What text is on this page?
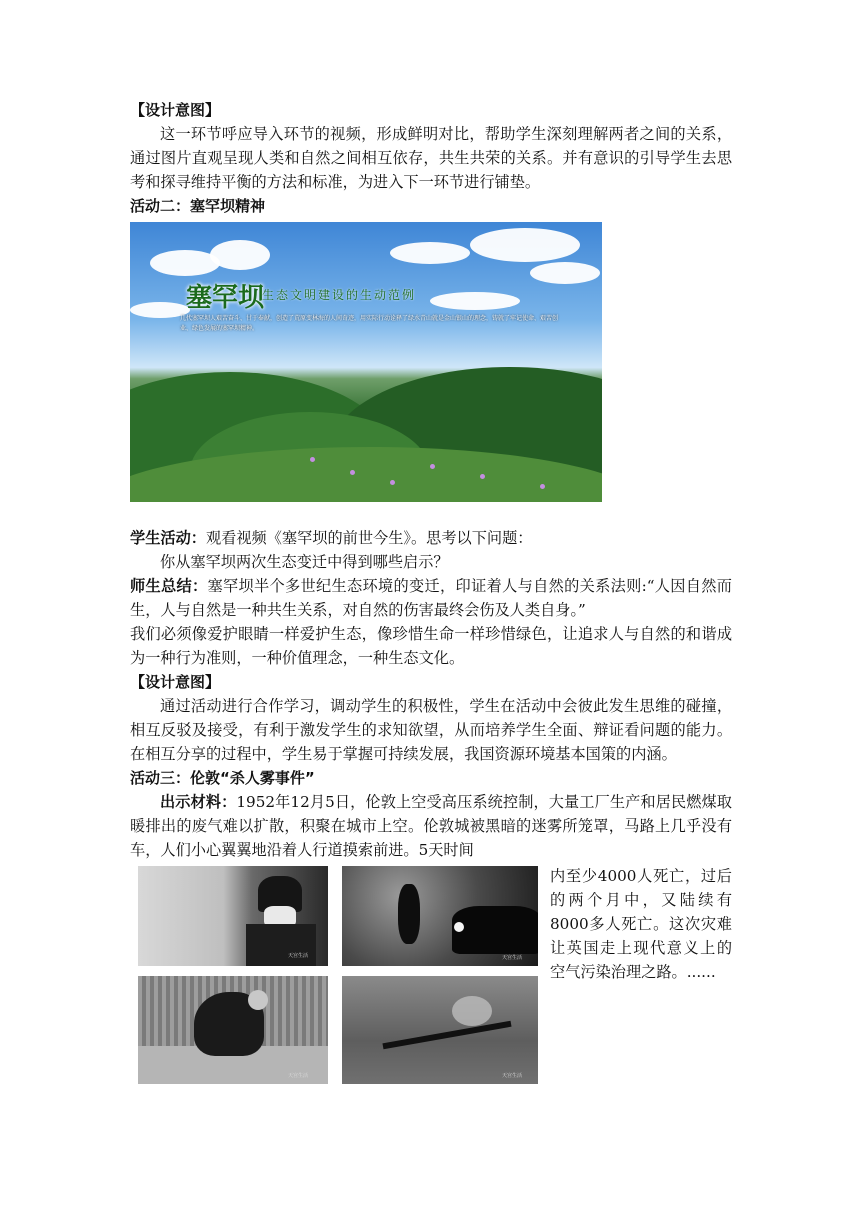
【设计意图】

这一环节呼应导入环节的视频，形成鲜明对比，帮助学生深刻理解两者之间的关系，通过图片直观呈现人类和自然之间相互依存，共生共荣的关系。并有意识的引导学生去思考和探寻维持平衡的方法和标准，为进入下一环节进行铺垫。

活动二：塞罕坝精神

塞罕坝
生态文明建设的生动范例
几代塞罕坝人艰苦奋斗、甘于奉献，创造了荒原变林海的人间奇迹，用实际行动诠释了绿水青山就是金山银山的理念，铸就了牢记使命、艰苦创业、绿色发展的塞罕坝精神。

学生活动：观看视频《塞罕坝的前世今生》。思考以下问题：

你从塞罕坝两次生态变迁中得到哪些启示？

师生总结：塞罕坝半个多世纪生态环境的变迁，印证着人与自然的关系法则:“人因自然而生，人与自然是一种共生关系，对自然的伤害最终会伤及人类自身。”

我们必须像爱护眼睛一样爱护生态，像珍惜生命一样珍惜绿色，让追求人与自然的和谐成为一种行为准则，一种价值理念，一种生态文化。

【设计意图】

通过活动进行合作学习，调动学生的积极性，学生在活动中会彼此发生思维的碰撞，相互反驳及接受，有利于激发学生的求知欲望，从而培养学生全面、辩证看问题的能力。在相互分享的过程中，学生易于掌握可持续发展，我国资源环境基本国策的内涵。

活动三：伦敦“杀人雾事件”

出示材料：1952年12月5日，伦敦上空受高压系统控制，大量工厂生产和居民燃煤取暖排出的废气难以扩散，积聚在城市上空。伦敦城被黑暗的迷雾所笼罩，马路上几乎没有车，人们小心翼翼地沿着人行道摸索前进。5天时间

天宫生活	天宫生活
天宫生活	天宫生活
内至少4000人死亡，过后的两个月中，又陆续有8000多人死亡。这次灾难让英国走上现代意义上的空气污染治理之路。......
